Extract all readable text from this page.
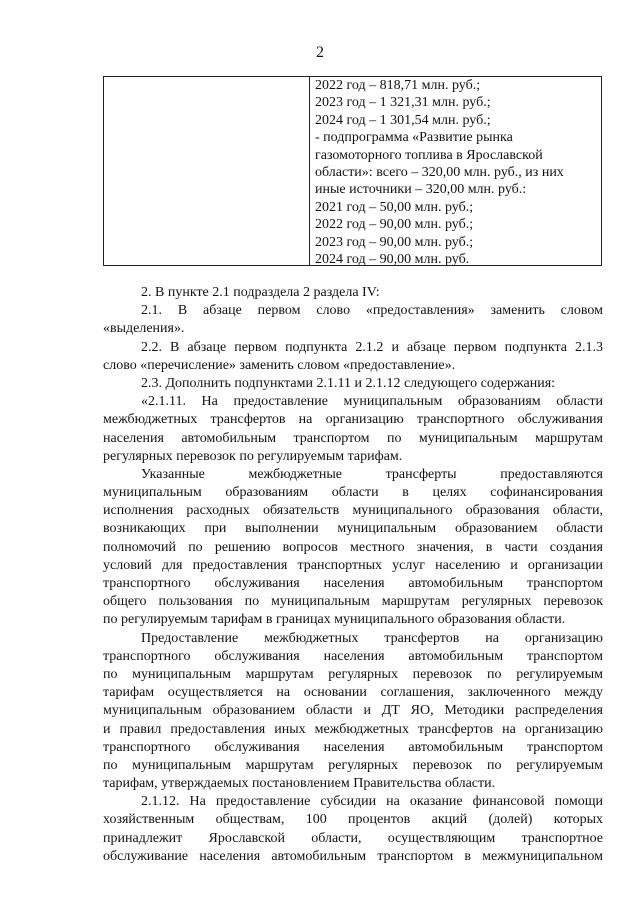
2

2022 год – 818,71 млн. руб.;

2023 год – 1 321,31 млн. руб.;

2024 год – 1 301,54 млн. руб.;

- подпрограмма «Развитие рынка

газомоторного топлива в Ярославской

области»: всего – 320,00 млн. руб., из них

иные источники – 320,00 млн. руб.:

2021 год – 50,00 млн. руб.;

2022 год – 90,00 млн. руб.;

2023 год – 90,00 млн. руб.;

2024 год – 90,00 млн. руб.

2. В пункте 2.1 подраздела 2 раздела IV:

2.1. В абзаце первом слово «предоставления» заменить словом

«выделения».

2.2. В абзаце первом подпункта 2.1.2 и абзаце первом подпункта 2.1.3

слово «перечисление» заменить словом «предоставление».

2.3. Дополнить подпунктами 2.1.11 и 2.1.12 следующего содержания:

«2.1.11. На предоставление муниципальным образованиям области

межбюджетных трансфертов на организацию транспортного обслуживания

населения автомобильным транспортом по муниципальным маршрутам

регулярных перевозок по регулируемым тарифам.

Указанные межбюджетные трансферты предоставляются

муниципальным образованиям области в целях софинансирования

исполнения расходных обязательств муниципального образования области,

возникающих при выполнении муниципальным образованием области

полномочий по решению вопросов местного значения, в части создания

условий для предоставления транспортных услуг населению и организации

транспортного обслуживания населения автомобильным транспортом

общего пользования по муниципальным маршрутам регулярных перевозок

по регулируемым тарифам в границах муниципального образования области.

Предоставление межбюджетных трансфертов на организацию

транспортного обслуживания населения автомобильным транспортом

по муниципальным маршрутам регулярных перевозок по регулируемым

тарифам осуществляется на основании соглашения, заключенного между

муниципальным образованием области и ДТ ЯО, Методики распределения

и правил предоставления иных межбюджетных трансфертов на организацию

транспортного обслуживания населения автомобильным транспортом

по муниципальным маршрутам регулярных перевозок по регулируемым

тарифам, утверждаемых постановлением Правительства области.

2.1.12. На предоставление субсидии на оказание финансовой помощи

хозяйственным обществам, 100 процентов акций (долей) которых

принадлежит Ярославской области, осуществляющим транспортное

обслуживание населения автомобильным транспортом в межмуниципальном
